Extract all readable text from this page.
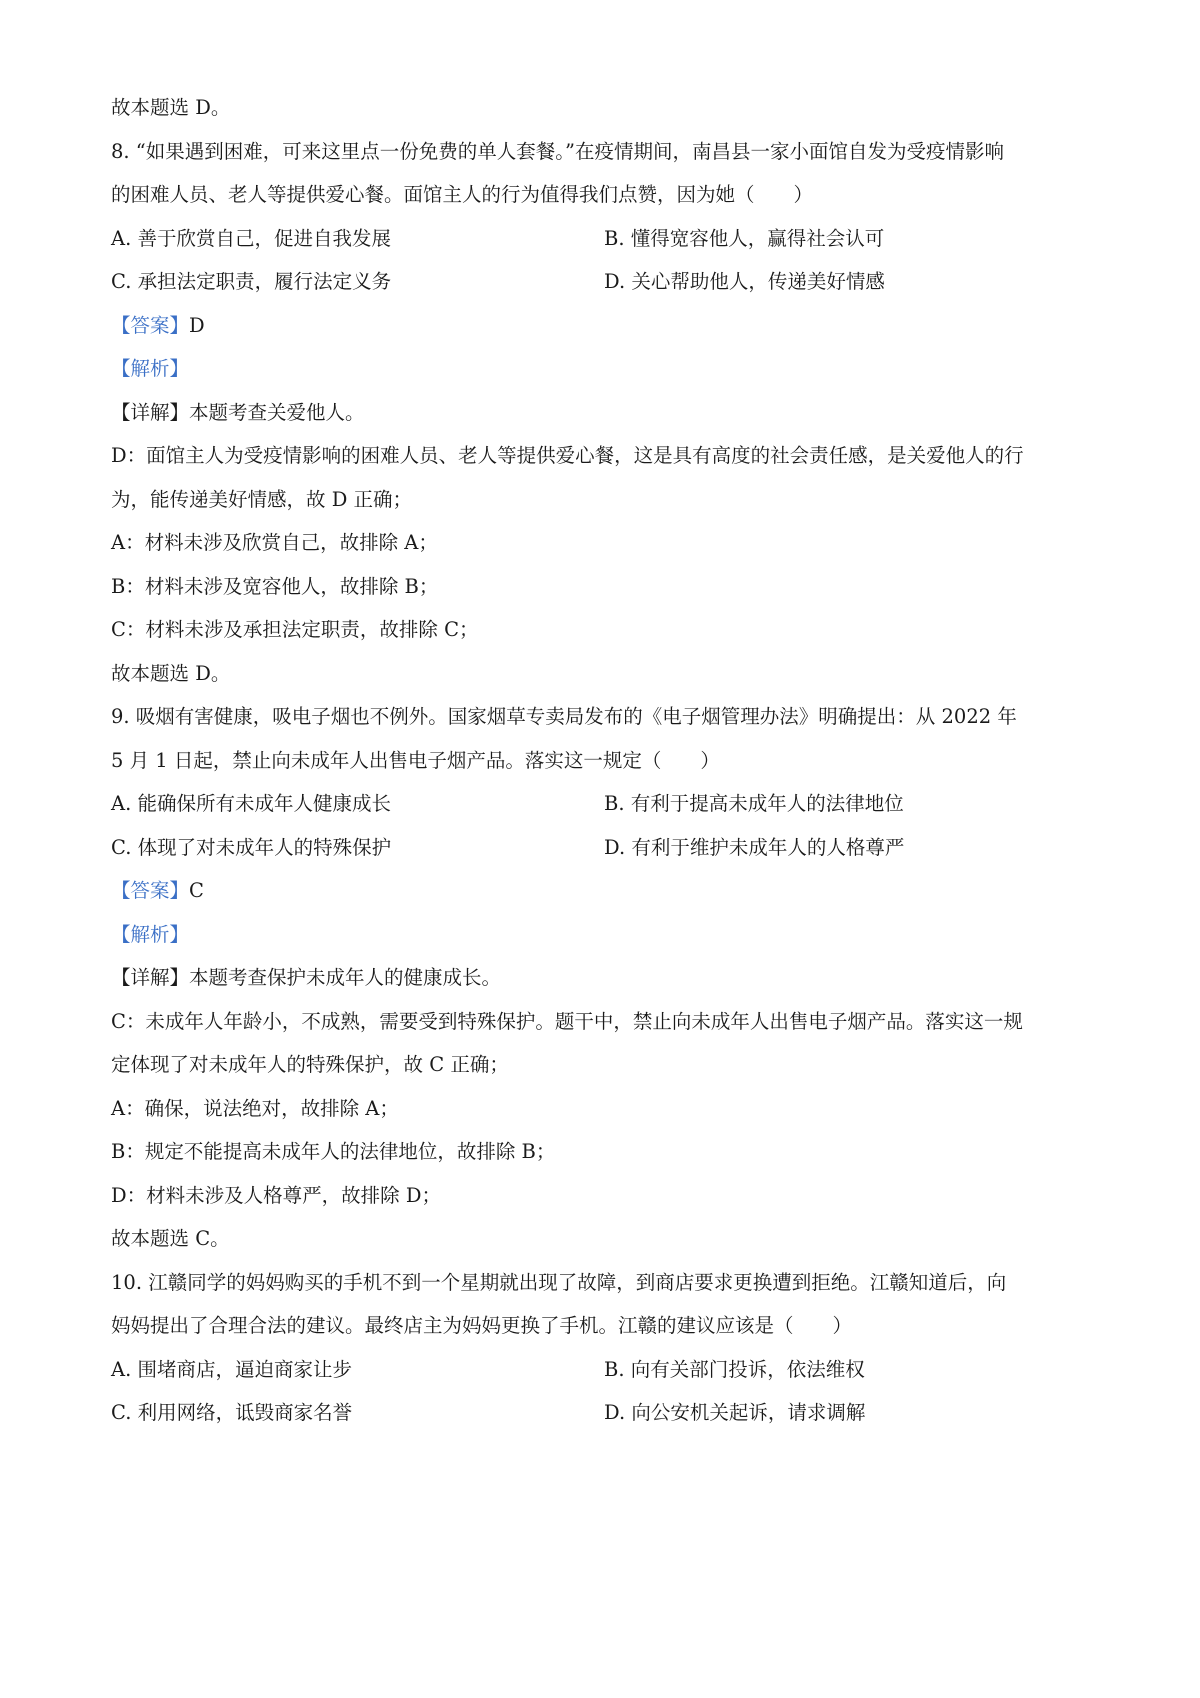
故本题选 D。
8. “如果遇到困难，可来这里点一份免费的单人套餐。”在疫情期间，南昌县一家小面馆自发为受疫情影响
的困难人员、老人等提供爱心餐。面馆主人的行为值得我们点赞，因为她（　　）
A. 善于欣赏自己，促进自我发展	B. 懂得宽容他人，赢得社会认可
C. 承担法定职责，履行法定义务	D. 关心帮助他人，传递美好情感
【答案】D
【解析】
【详解】本题考查关爱他人。
D：面馆主人为受疫情影响的困难人员、老人等提供爱心餐，这是具有高度的社会责任感，是关爱他人的行
为，能传递美好情感，故 D 正确；
A：材料未涉及欣赏自己，故排除 A；
B：材料未涉及宽容他人，故排除 B；
C：材料未涉及承担法定职责，故排除 C；
故本题选 D。
9. 吸烟有害健康，吸电子烟也不例外。国家烟草专卖局发布的《电子烟管理办法》明确提出：从 2022 年
5 月 1 日起，禁止向未成年人出售电子烟产品。落实这一规定（　　）
A. 能确保所有未成年人健康成长	B. 有利于提高未成年人的法律地位
C. 体现了对未成年人的特殊保护	D. 有利于维护未成年人的人格尊严
【答案】C
【解析】
【详解】本题考查保护未成年人的健康成长。
C：未成年人年龄小，不成熟，需要受到特殊保护。题干中，禁止向未成年人出售电子烟产品。落实这一规
定体现了对未成年人的特殊保护，故 C 正确；
A：确保，说法绝对，故排除 A；
B：规定不能提高未成年人的法律地位，故排除 B；
D：材料未涉及人格尊严，故排除 D；
故本题选 C。
10. 江赣同学的妈妈购买的手机不到一个星期就出现了故障，到商店要求更换遭到拒绝。江赣知道后，向
妈妈提出了合理合法的建议。最终店主为妈妈更换了手机。江赣的建议应该是（　　）
A. 围堵商店，逼迫商家让步	B. 向有关部门投诉，依法维权
C. 利用网络，诋毁商家名誉	D. 向公安机关起诉，请求调解
